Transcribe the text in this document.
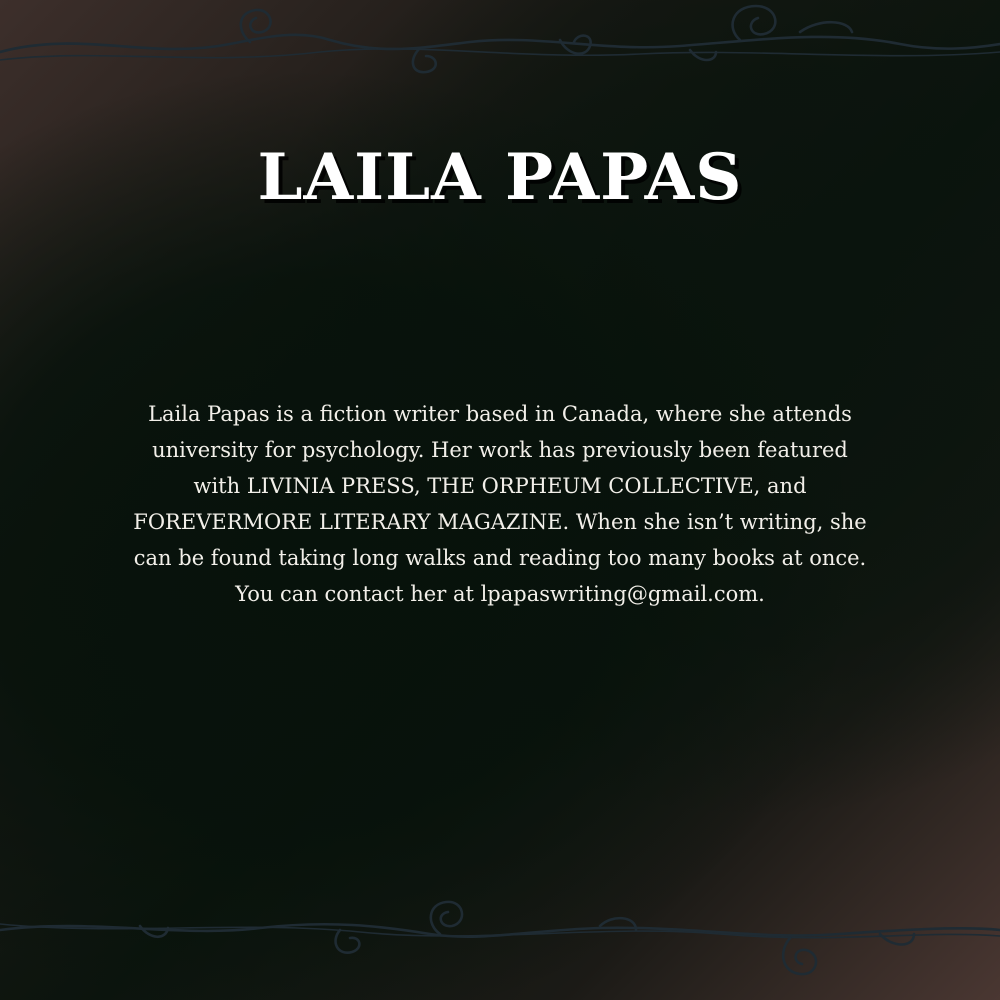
LAILA PAPAS

Laila Papas is a fiction writer based in Canada, where she attends
university for psychology. Her work has previously been featured
with LIVINIA PRESS, THE ORPHEUM COLLECTIVE, and
FOREVERMORE LITERARY MAGAZINE. When she isn’t writing, she
can be found taking long walks and reading too many books at once.
You can contact her at lpapaswriting@gmail.com.
